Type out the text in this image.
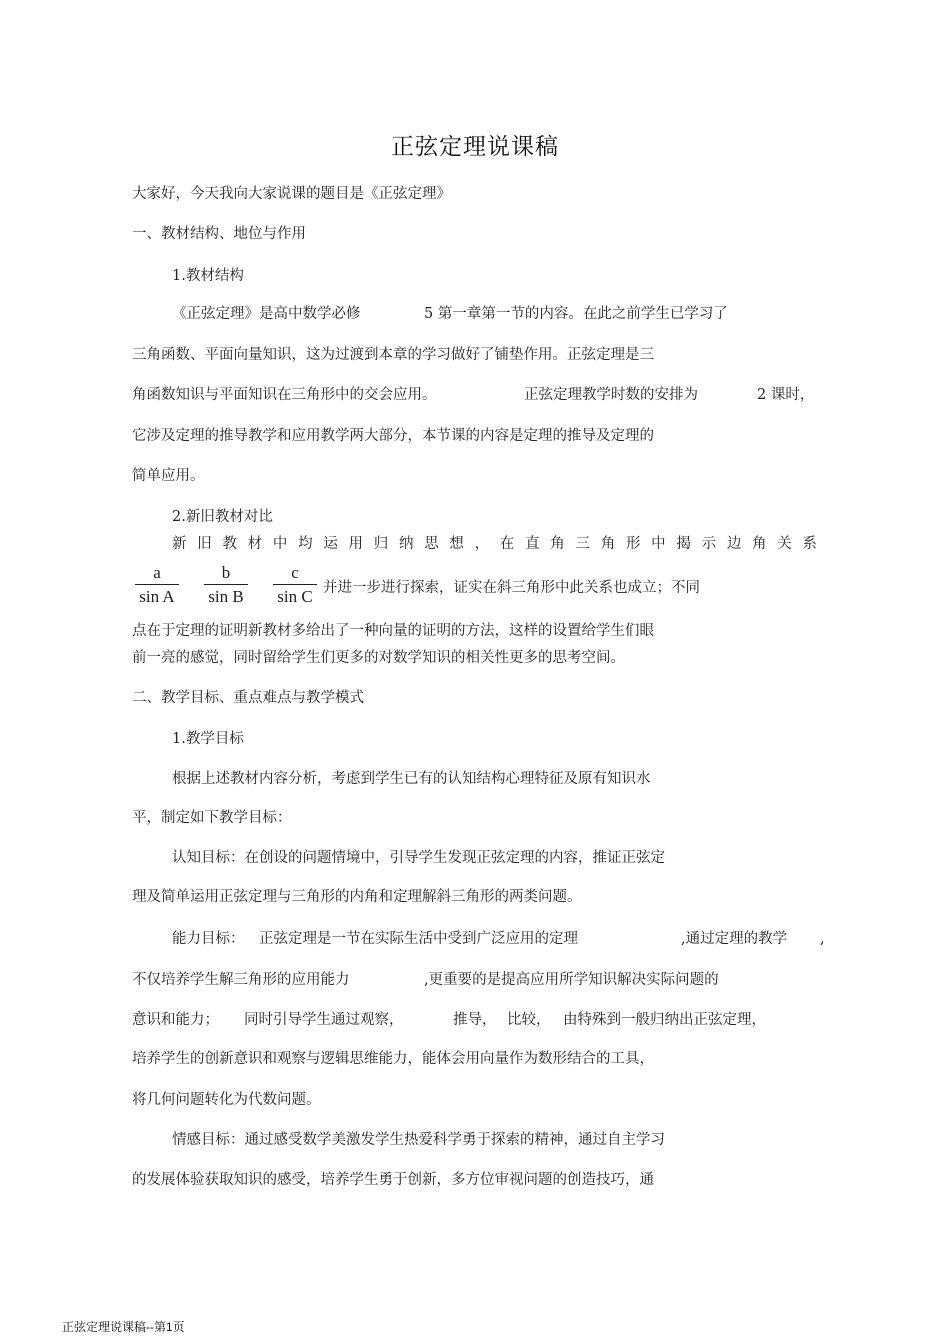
正弦定理说课稿
大家好，今天我向大家说课的题目是《正弦定理》
一、教材结构、地位与作用
1.教材结构
《正弦定理》是高中数学必修	5 第一章第一节的内容。在此之前学生已学习了
三角函数、平面向量知识，这为过渡到本章的学习做好了铺垫作用。正弦定理是三
角函数知识与平面知识在三角形中的交会应用。	正弦定理教学时数的安排为	2 课时，
它涉及定理的推导教学和应用教学两大部分，本节课的内容是定理的推导及定理的
简单应用。
2.新旧教材对比
新 旧 教 材 中 均 运 用 归 纳 思 想 ， 在 直 角 三 角 形 中 揭 示 边 角 关 系
a
sin A
b
sin B
c
sin C 并进一步进行探索，证实在斜三角形中此关系也成立；不同
点在于定理的证明新教材多给出了一种向量的证明的方法，这样的设置给学生们眼
前一亮的感觉，同时留给学生们更多的对数学知识的相关性更多的思考空间。
二、教学目标、重点难点与教学模式
1.教学目标
根据上述教材内容分析，考虑到学生已有的认知结构心理特征及原有知识水
平，制定如下教学目标：
认知目标：在创设的问题情境中，引导学生发现正弦定理的内容，推证正弦定
理及简单运用正弦定理与三角形的内角和定理解斜三角形的两类问题。
能力目标： 正弦定理是一节在实际生活中受到广泛应用的定理	,通过定理的教学 ,
不仅培养学生解三角形的应用能力	,更重要的是提高应用所学知识解决实际问题的
意识和能力； 同时引导学生通过观察，	推导， 比较， 由特殊到一般归纳出正弦定理，
培养学生的创新意识和观察与逻辑思维能力，能体会用向量作为数形结合的工具，
将几何问题转化为代数问题。
情感目标：通过感受数学美激发学生热爱科学勇于探索的精神，通过自主学习
的发展体验获取知识的感受，培养学生勇于创新，多方位审视问题的创造技巧，通
正弦定理说课稿--第1页
